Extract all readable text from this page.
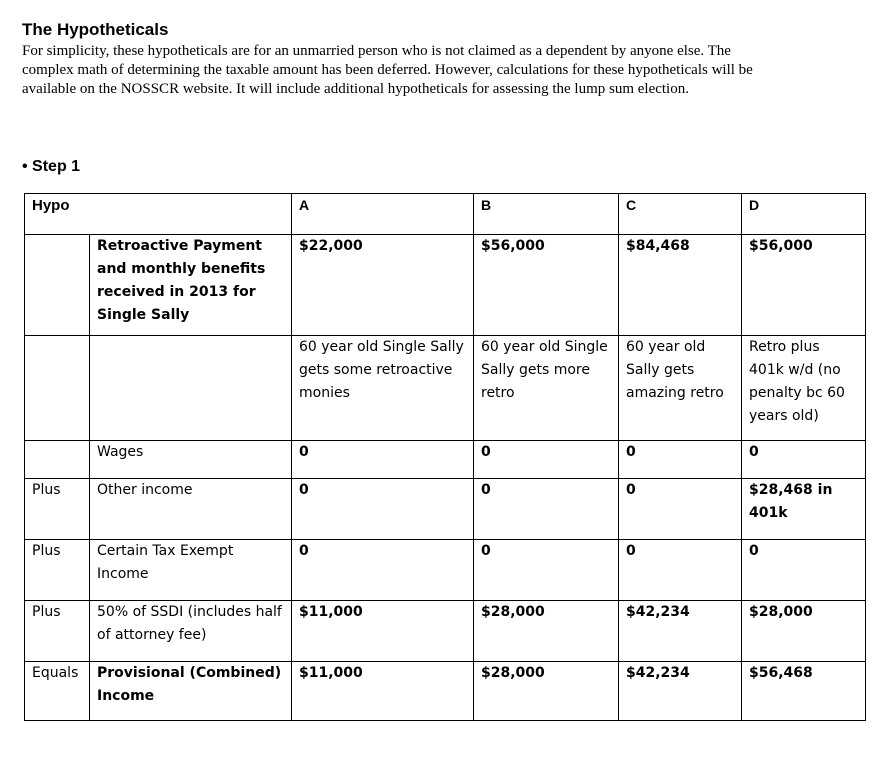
The Hypotheticals
For simplicity, these hypotheticals are for an unmarried person who is not claimed as a dependent by anyone else. The complex math of determining the taxable amount has been deferred. However, calculations for these hypotheticals will be available on the NOSSCR website. It will include additional hypotheticals for assessing the lump sum election.
• Step 1
Hypo		A	B	C	D
	Retroactive Payment and monthly benefits received in 2013 for Single Sally	$22,000	$56,000	$84,468	$56,000
		60 year old Single Sally gets some retroactive monies	60 year old Single Sally gets more retro	60 year old Sally gets amazing retro	Retro plus 401k w/d (no penalty bc 60 years old)
	Wages	0	0	0	0
Plus	Other income	0	0	0	$28,468 in 401k
Plus	Certain Tax Exempt Income	0	0	0	0
Plus	50% of SSDI (includes half of attorney fee)	$11,000	$28,000	$42,234	$28,000
Equals	Provisional (Combined) Income	$11,000	$28,000	$42,234	$56,468
